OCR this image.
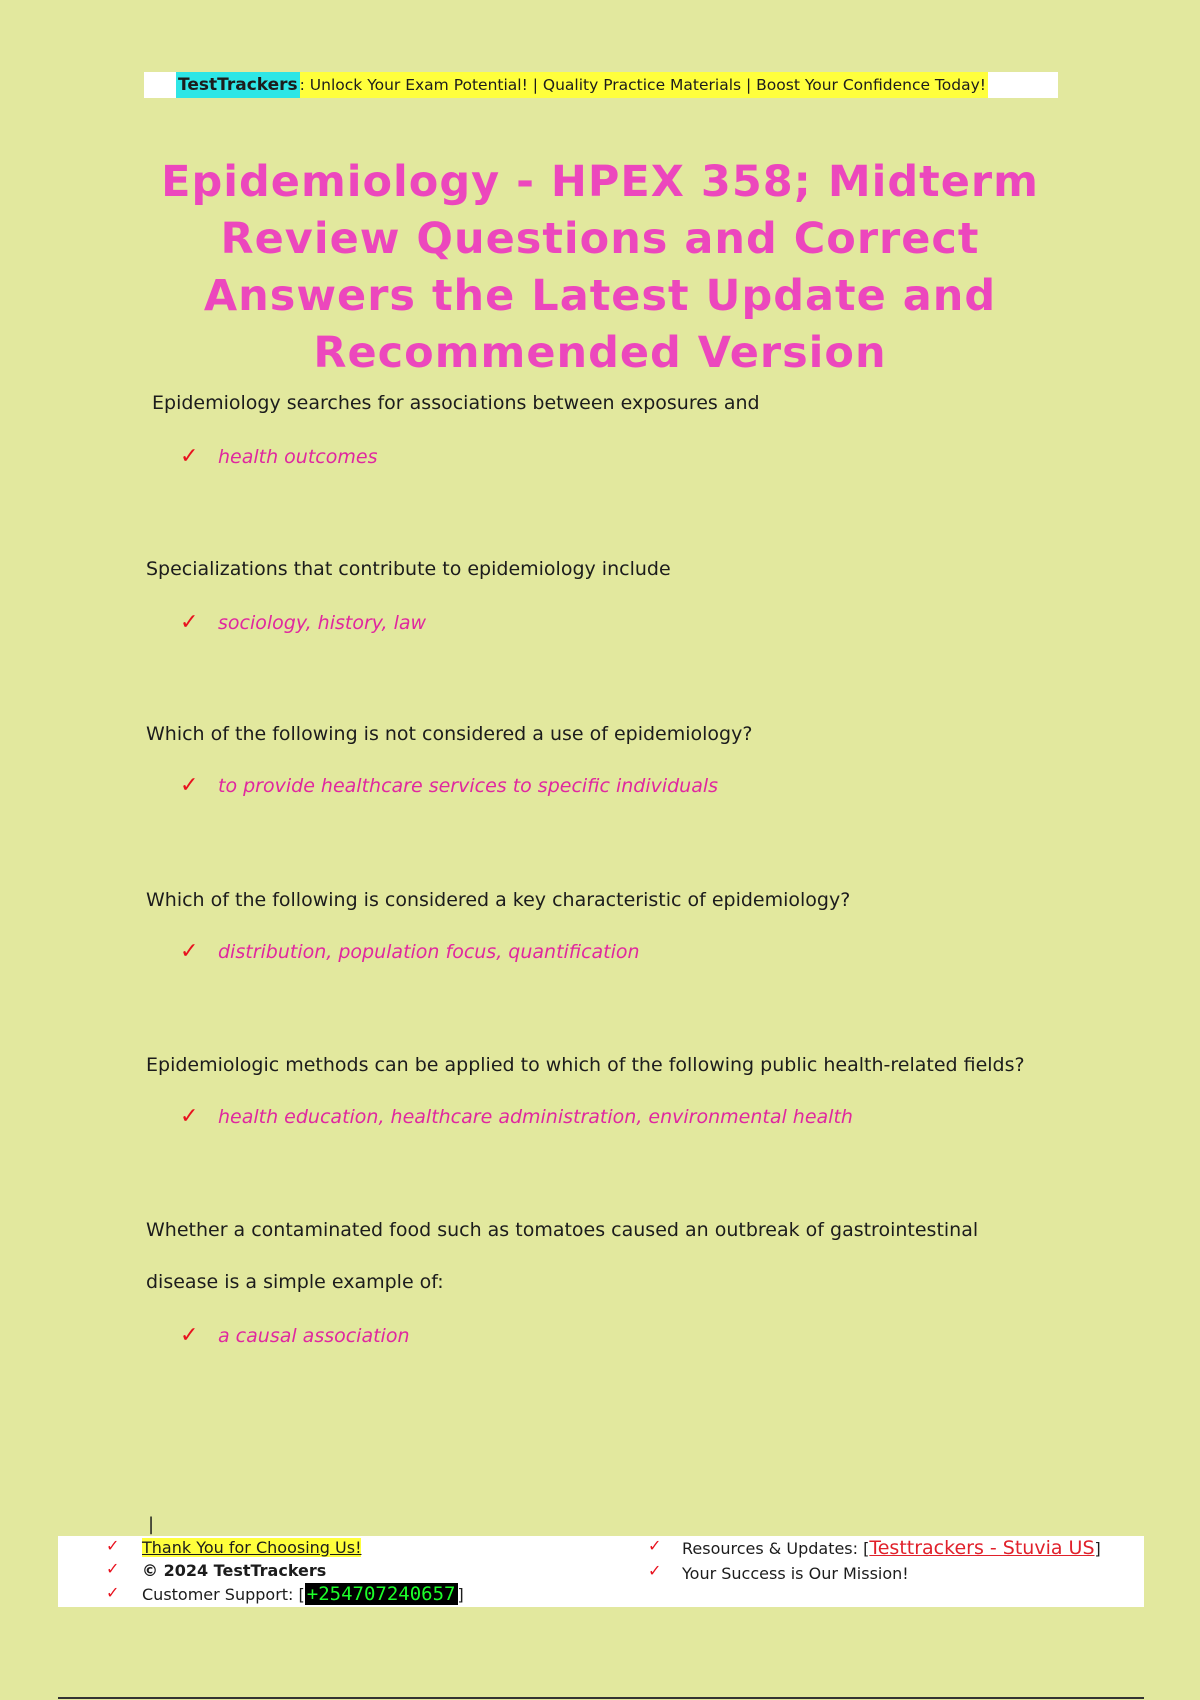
TestTrackers : Unlock Your Exam Potential! | Quality Practice Materials | Boost Your Confidence Today!
Epidemiology - HPEX 358; Midterm Review Questions and Correct Answers the Latest Update and Recommended Version

Epidemiology searches for associations between exposures and

✓ health outcomes

Specializations that contribute to epidemiology include

✓ sociology, history, law

Which of the following is not considered a use of epidemiology?

✓ to provide healthcare services to specific individuals

Which of the following is considered a key characteristic of epidemiology?

✓ distribution, population focus, quantification

Epidemiologic methods can be applied to which of the following public health-related fields?

✓ health education, healthcare administration, environmental health

Whether a contaminated food such as tomatoes caused an outbreak of gastrointestinal

disease is a simple example of:

✓ a causal association

|
✓ Thank You for Choosing Us!
✓ © 2024 TestTrackers
✓ Customer Support: [ +254707240657 ]
✓ Resources & Updates: [ Testtrackers - Stuvia US ]
✓ Your Success is Our Mission!
